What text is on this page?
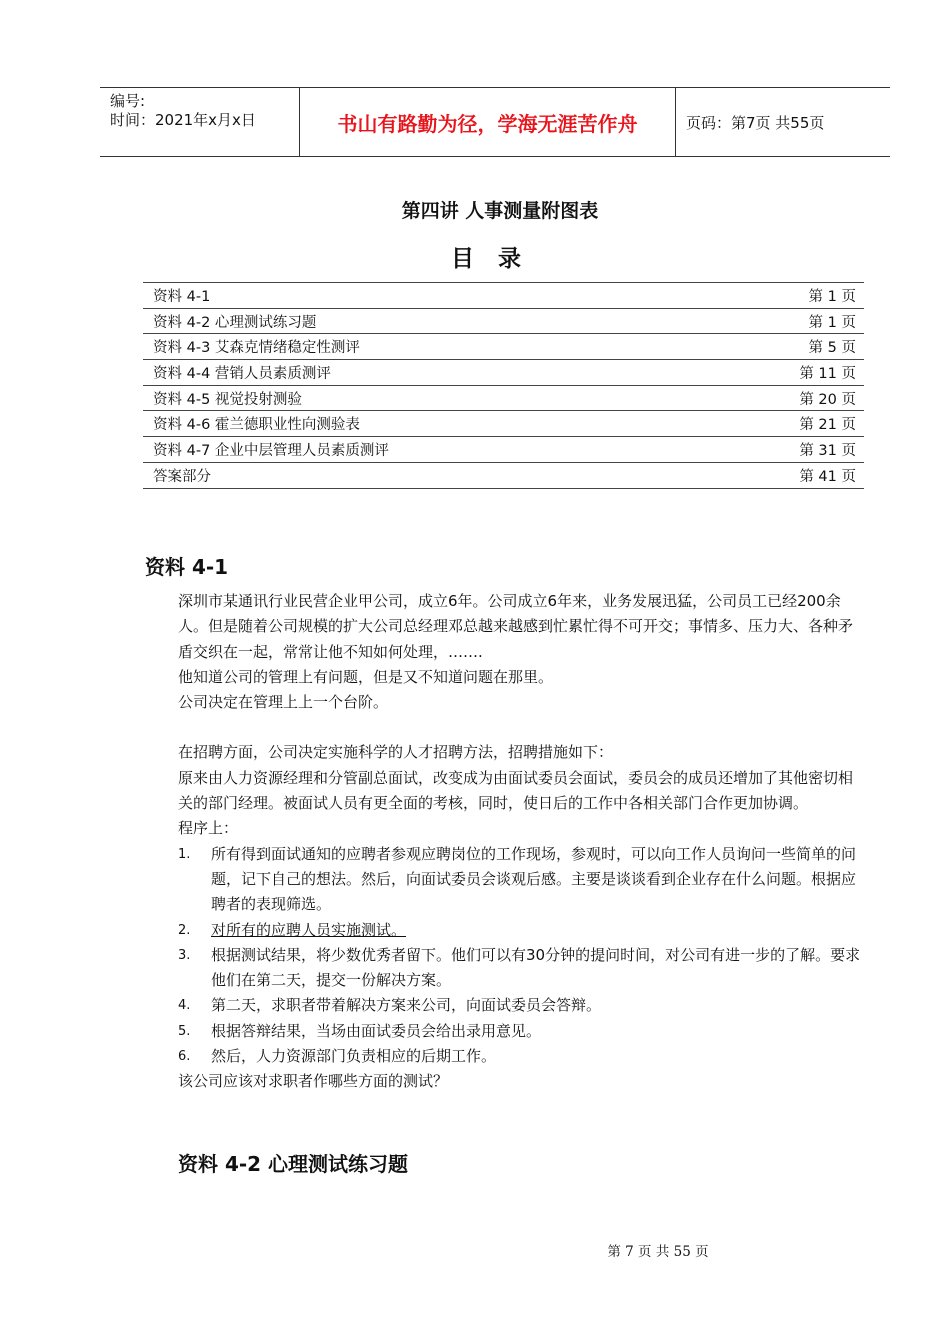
编号:
时间：2021年x月x日	书山有路勤为径，学海无涯苦作舟	页码：第7页 共55页
第四讲 人事测量附图表
目录
资料 4-1	第 1 页
资料 4-2 心理测试练习题	第 1 页
资料 4-3 艾森克情绪稳定性测评	第 5 页
资料 4-4 营销人员素质测评	第 11 页
资料 4-5 视觉投射测验	第 20 页
资料 4-6 霍兰德职业性向测验表	第 21 页
资料 4-7 企业中层管理人员素质测评	第 31 页
答案部分	第 41 页
资料 4-1
深圳市某通讯行业民营企业甲公司，成立6年。公司成立6年来，业务发展迅猛，公司员工已经200余人。但是随着公司规模的扩大公司总经理邓总越来越感到忙累忙得不可开交；事情多、压力大、各种矛盾交织在一起，常常让他不知如何处理，…….
他知道公司的管理上有问题，但是又不知道问题在那里。
公司决定在管理上上一个台阶。
在招聘方面，公司决定实施科学的人才招聘方法，招聘措施如下：
原来由人力资源经理和分管副总面试，改变成为由面试委员会面试，委员会的成员还增加了其他密切相关的部门经理。被面试人员有更全面的考核，同时，使日后的工作中各相关部门合作更加协调。
程序上：
1.	所有得到面试通知的应聘者参观应聘岗位的工作现场，参观时，可以向工作人员询问一些简单的问题，记下自己的想法。然后，向面试委员会谈观后感。主要是谈谈看到企业存在什么问题。根据应聘者的表现筛选。
2.	对所有的应聘人员实施测试。
3.	根据测试结果，将少数优秀者留下。他们可以有30分钟的提问时间，对公司有进一步的了解。要求他们在第二天，提交一份解决方案。
4.	第二天，求职者带着解决方案来公司，向面试委员会答辩。
5.	根据答辩结果，当场由面试委员会给出录用意见。
6.	然后，人力资源部门负责相应的后期工作。
该公司应该对求职者作哪些方面的测试？
资料 4-2 心理测试练习题
第 7 页 共 55 页
